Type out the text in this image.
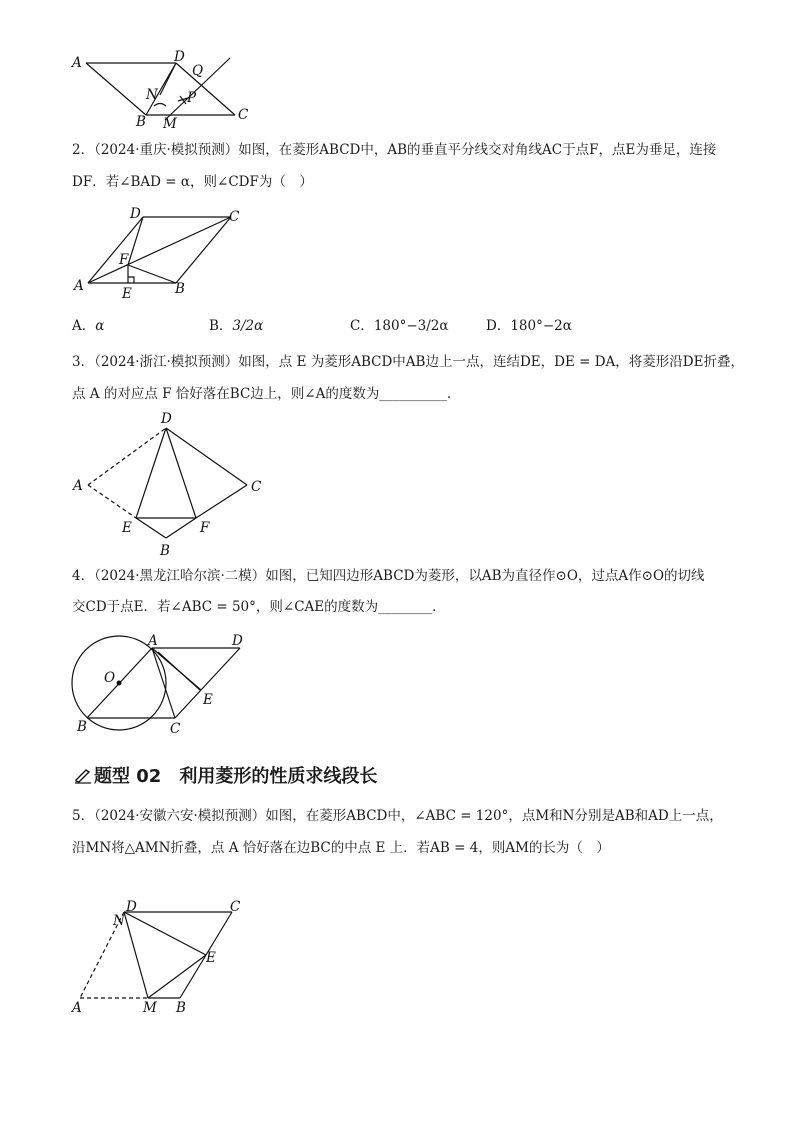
A	D
Q
N P
B M
C
2．（2024·重庆·模拟预测）如图，在菱形ABCD中，AB的垂直平分线交对角线AC于点F，点E为垂足，连接
DF．若∠BAD = α，则∠CDF为（　）
D	C
F
A	E	B
A．α	B．3/2α	C．180°−3/2α	D．180°−2α
3．（2024·浙江·模拟预测）如图，点 E 为菱形ABCD中AB边上一点，连结DE，DE = DA，将菱形沿DE折叠，
点 A 的对应点 F 恰好落在BC边上，则∠A的度数为__________．
D
A	C
E	F
B
4．（2024·黑龙江哈尔滨·二模）如图，已知四边形ABCD为菱形，以AB为直径作⊙O，过点A作⊙O的切线
交CD于点E．若∠ABC = 50°，则∠CAE的度数为________．
A	D
O
E
B	C
题型 02　利用菱形的性质求线段长
5．（2024·安徽六安·模拟预测）如图，在菱形ABCD中，∠ABC = 120°，点M和N分别是AB和AD上一点，
沿MN将△AMN折叠，点 A 恰好落在边BC的中点 E 上．若AB = 4，则AM的长为（　）
N
D	C
E
A	M B
